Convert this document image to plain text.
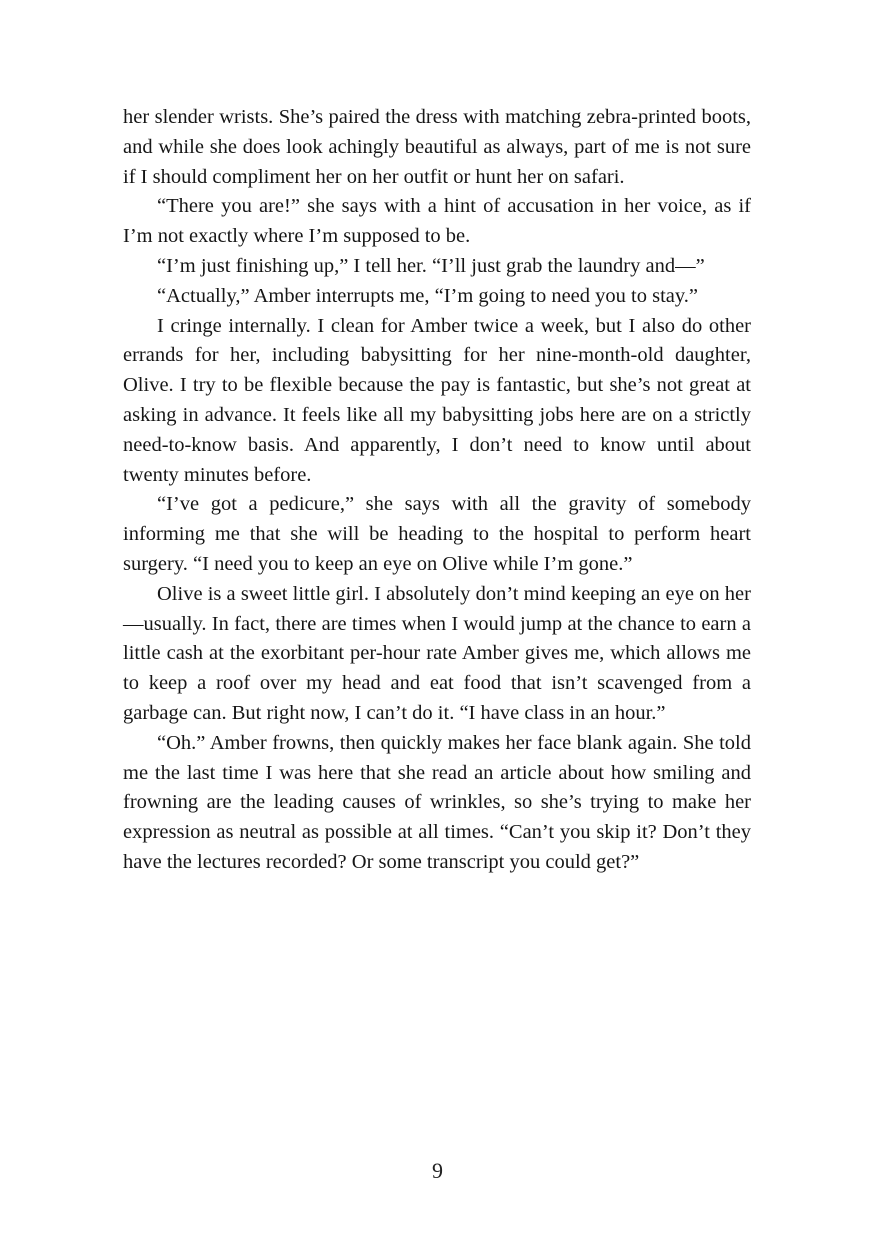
her slender wrists. She’s paired the dress with matching zebra-printed boots, and while she does look achingly beautiful as always, part of me is not sure if I should compliment her on her outfit or hunt her on safari.

“There you are!” she says with a hint of accusation in her voice, as if I’m not exactly where I’m supposed to be.

“I’m just finishing up,” I tell her. “I’ll just grab the laundry and—”

“Actually,” Amber interrupts me, “I’m going to need you to stay.”

I cringe internally. I clean for Amber twice a week, but I also do other errands for her, including babysitting for her nine-month-old daughter, Olive. I try to be flexible because the pay is fantastic, but she’s not great at asking in advance. It feels like all my babysitting jobs here are on a strictly need-to-know basis. And apparently, I don’t need to know until about twenty minutes before.

“I’ve got a pedicure,” she says with all the gravity of somebody informing me that she will be heading to the hospital to perform heart surgery. “I need you to keep an eye on Olive while I’m gone.”

Olive is a sweet little girl. I absolutely don’t mind keeping an eye on her—usually. In fact, there are times when I would jump at the chance to earn a little cash at the exorbitant per-hour rate Amber gives me, which allows me to keep a roof over my head and eat food that isn’t scavenged from a garbage can. But right now, I can’t do it. “I have class in an hour.”

“Oh.” Amber frowns, then quickly makes her face blank again. She told me the last time I was here that she read an article about how smiling and frowning are the leading causes of wrinkles, so she’s trying to make her expression as neutral as possible at all times. “Can’t you skip it? Don’t they have the lectures recorded? Or some transcript you could get?”

9
